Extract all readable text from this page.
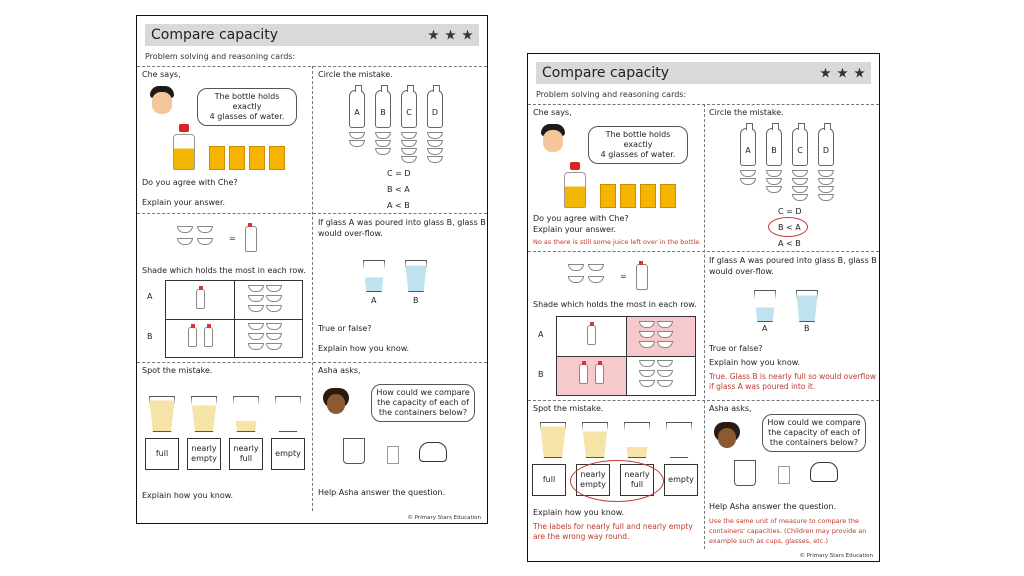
Compare capacity
Problem solving and reasoning cards:
Che says,
The bottle holds exactly
4 glasses of water.
Do you agree with Che?
Explain your answer.
Circle the mistake.
A	B	C	D
C = D
B < A
A < B
=
Shade which holds the most in each row.
A
B
If glass A was poured into glass B, glass B
would over-flow.
A	B
True or false?
Explain how you know.
Spot the mistake.
full
nearly
empty
nearly
full
empty
Explain how you know.
Asha asks,
How could we compare
the capacity of each of
the containers below?
Help Asha answer the question.
© Primary Stars Education
Compare capacity
Problem solving and reasoning cards:
Che says,
The bottle holds exactly
4 glasses of water.
Do you agree with Che?
Explain your answer.
No as there is still some juice left over in the bottle.
Circle the mistake.
A	B	C	D
C = D
B < A
A < B
=
Shade which holds the most in each row.
A
B
If glass A was poured into glass B, glass B
would over-flow.
A	B
True or false?
Explain how you know.
True. Glass B is nearly full so would overflow
if glass A was poured into it.
Spot the mistake.
full
nearly
empty
nearly
full
empty
Explain how you know.
The labels for nearly full and nearly empty
are the wrong way round.
Asha asks,
How could we compare
the capacity of each of
the containers below?
Help Asha answer the question.
Use the same unit of measure to compare the
containers' capacities. (Children may provide an
example such as cups, glasses, etc.)
© Primary Stars Education
